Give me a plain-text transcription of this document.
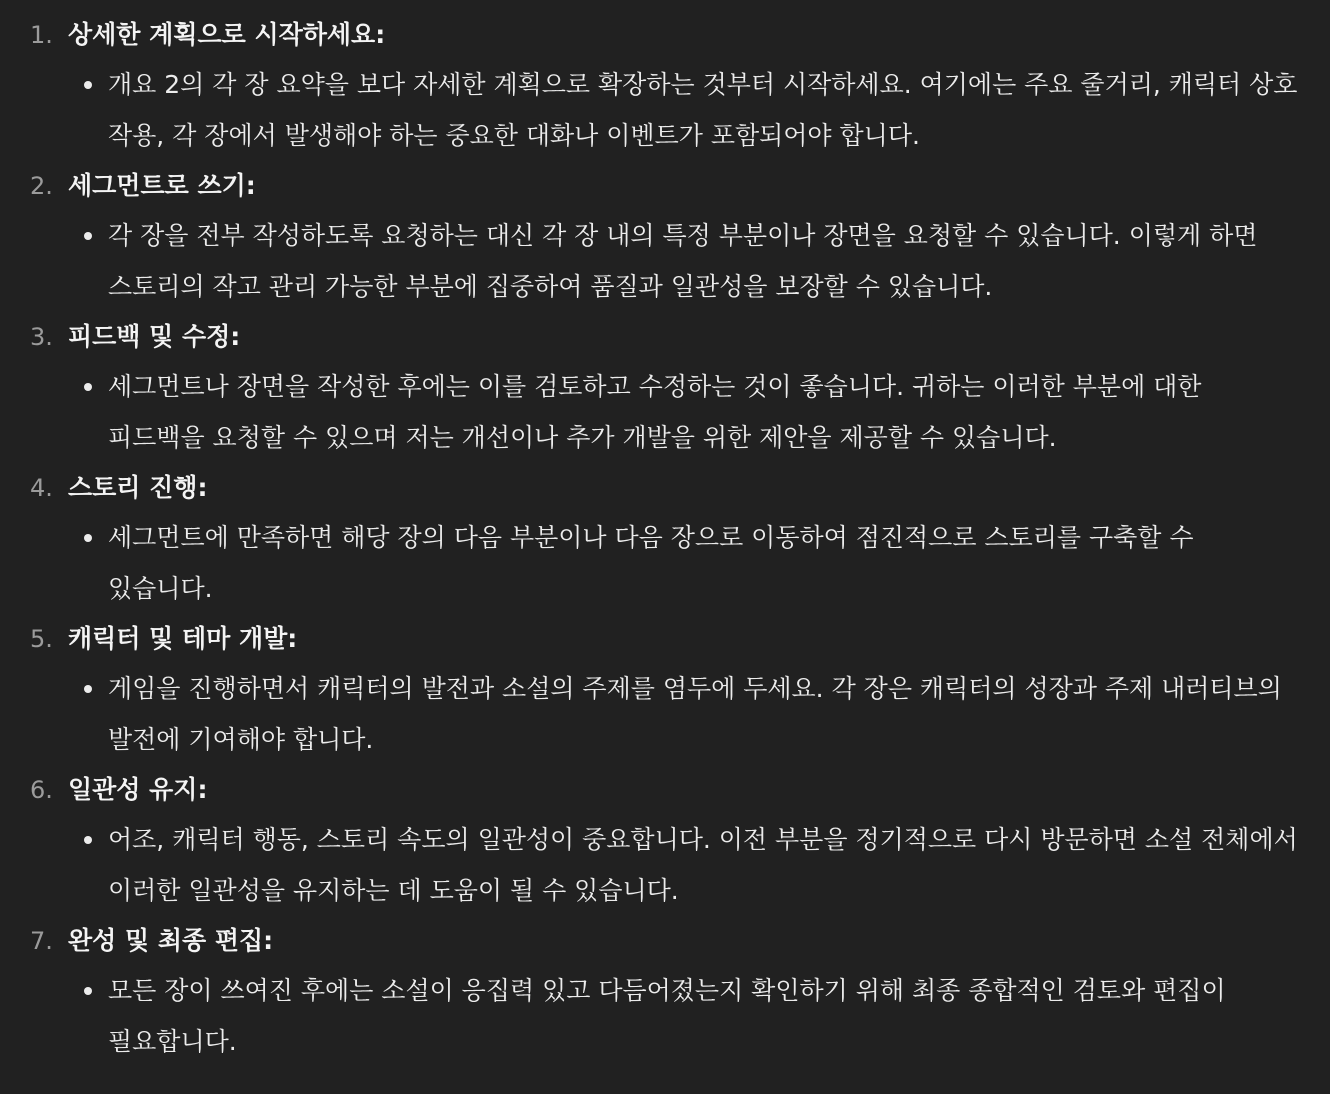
1. 상세한 계획으로 시작하세요:
개요 2의 각 장 요약을 보다 자세한 계획으로 확장하는 것부터 시작하세요. 여기에는 주요 줄거리, 캐릭터 상호 작용, 각 장에서 발생해야 하는 중요한 대화나 이벤트가 포함되어야 합니다.
2. 세그먼트로 쓰기:
각 장을 전부 작성하도록 요청하는 대신 각 장 내의 특정 부분이나 장면을 요청할 수 있습니다. 이렇게 하면 스토리의 작고 관리 가능한 부분에 집중하여 품질과 일관성을 보장할 수 있습니다.
3. 피드백 및 수정:
세그먼트나 장면을 작성한 후에는 이를 검토하고 수정하는 것이 좋습니다. 귀하는 이러한 부분에 대한 피드백을 요청할 수 있으며 저는 개선이나 추가 개발을 위한 제안을 제공할 수 있습니다.
4. 스토리 진행:
세그먼트에 만족하면 해당 장의 다음 부분이나 다음 장으로 이동하여 점진적으로 스토리를 구축할 수 있습니다.
5. 캐릭터 및 테마 개발:
게임을 진행하면서 캐릭터의 발전과 소설의 주제를 염두에 두세요. 각 장은 캐릭터의 성장과 주제 내러티브의 발전에 기여해야 합니다.
6. 일관성 유지:
어조, 캐릭터 행동, 스토리 속도의 일관성이 중요합니다. 이전 부분을 정기적으로 다시 방문하면 소설 전체에서 이러한 일관성을 유지하는 데 도움이 될 수 있습니다.
7. 완성 및 최종 편집:
모든 장이 쓰여진 후에는 소설이 응집력 있고 다듬어졌는지 확인하기 위해 최종 종합적인 검토와 편집이 필요합니다.
